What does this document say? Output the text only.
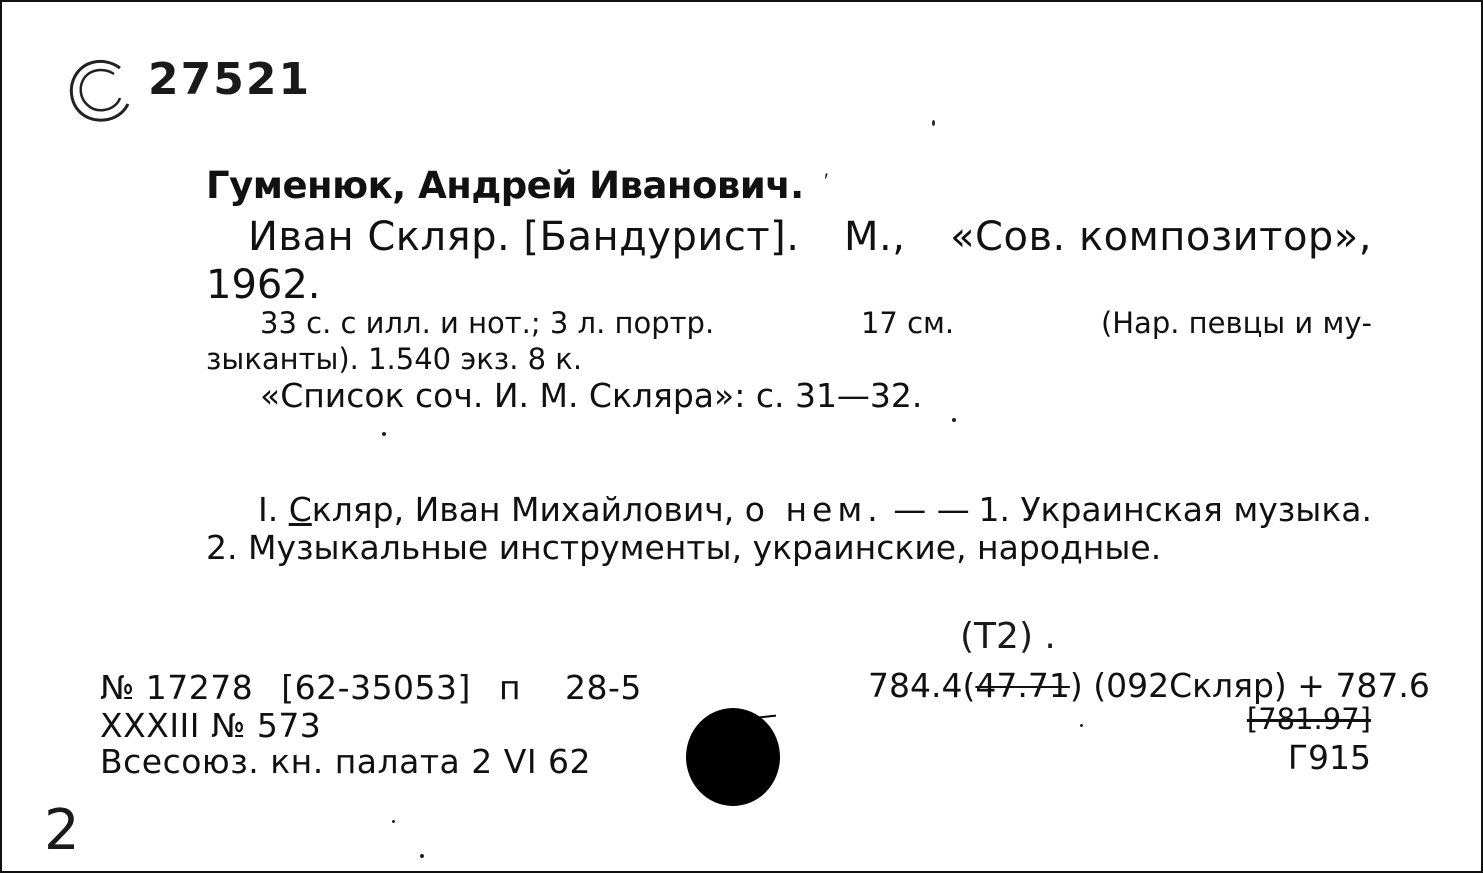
27521
Гуменюк, Андрей Иванович. ′
Иван Скляр. [Бандурист]. М., «Сов. композитор»,
1962.
33 с. с илл. и нот.; 3 л. портр.	17 см.	(Нар. певцы и му-
зыканты). 1.540 экз. 8 к.
«Список соч. И. М. Скляра»: с. 31—32.
I. Скляр, Иван Михайлович, о нем. — — 1. Украинская музыка.
2. Музыкальные инструменты, украинские, народные.
№ 17278 [62-35053] п 28-5
XXXIII № 573
Всесоюз. кн. палата 2 VI 62
(T2) .
784.4(47.71) (092Скляр) + 787.6
[781.97]
Г915
2
